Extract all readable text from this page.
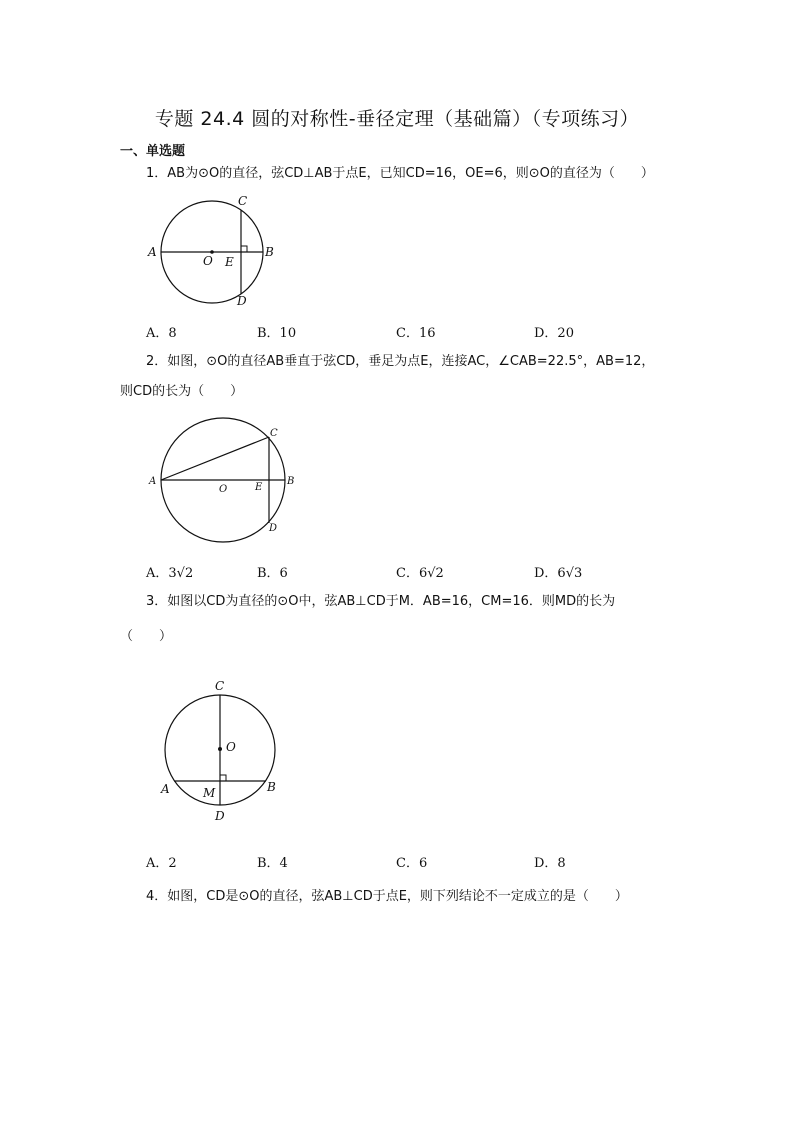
专题 24.4 圆的对称性-垂径定理（基础篇）（专项练习）
一、单选题
1．AB为⊙O的直径，弦CD⊥AB于点E，已知CD=16，OE=6，则⊙O的直径为（　　）
A	B
C
D
O E
A．8	B．10	C．16	D．20
2．如图，⊙O的直径AB垂直于弦CD，垂足为点E，连接AC，∠CAB=22.5°，AB=12，
则CD的长为（　　）
A	B
C
D
O	E
A．3√2	B．6	C．6√2	D．6√3
3．如图以CD为直径的⊙O中，弦AB⊥CD于M．AB=16，CM=16．则MD的长为
（　　）
C
D
O
A	B
M
A．2	B．4	C．6	D．8
4．如图，CD是⊙O的直径，弦AB⊥CD于点E，则下列结论不一定成立的是（　　）
